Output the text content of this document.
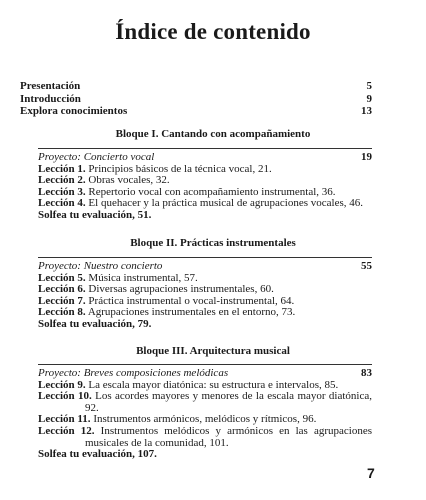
Índice de contenido
Presentación	5
Introducción	9
Explora conocimientos	13
Bloque I. Cantando con acompañamiento
Proyecto: Concierto vocal	19
Lección 1. Principios básicos de la técnica vocal, 21.
Lección 2. Obras vocales, 32.
Lección 3. Repertorio vocal con acompañamiento instrumental, 36.
Lección 4. El quehacer y la práctica musical de agrupaciones vocales, 46.
Solfea tu evaluación, 51.
Bloque II. Prácticas instrumentales
Proyecto: Nuestro concierto	55
Lección 5. Música instrumental, 57.
Lección 6. Diversas agrupaciones instrumentales, 60.
Lección 7. Práctica instrumental o vocal-instrumental, 64.
Lección 8. Agrupaciones instrumentales en el entorno, 73.
Solfea tu evaluación, 79.
Bloque III. Arquitectura musical
Proyecto: Breves composiciones melódicas	83
Lección 9. La escala mayor diatónica: su estructura e intervalos, 85.
Lección 10. Los acordes mayores y menores de la escala mayor diatónica, 92.
Lección 11. Instrumentos armónicos, melódicos y rítmicos, 96.
Lección 12. Instrumentos melódicos y armónicos en las agrupaciones musicales de la comunidad, 101.
Solfea tu evaluación, 107.
7
